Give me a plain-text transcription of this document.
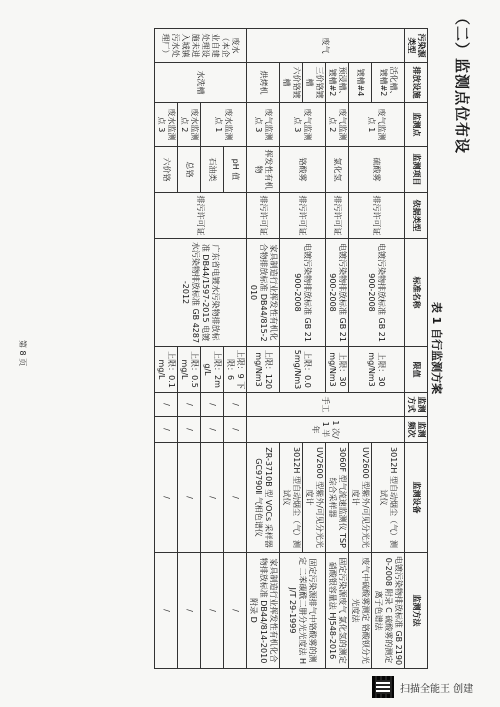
（二）监测点位布设
表 1 自行监测方案
污染源类型	排放设施	监测点	监测项目	依据类型	标准名称	限值	监测方式	监测频次	监测设备	监测方法
废气	活化槽、镀槽#2	废气监测点 1	硫酸雾	排污许可证	电镀污染物排放标准 GB 21900-2008	上限：30mg/Nm3	手工	1 次/1 半年	3012H 型自动烟尘（气）测试仪	电镀污染物排放标准 GB 21900-2008 附录 C 硫酸雾的测定 离子色谱法
	镀槽#4								UV2600 型紫外/可见分光光度计	废气中硫酸雾测定 铬酸钡分光光度法
	预浸槽、镀槽#2	废气监测点 2	氯化氢	排污许可证	电镀污染物排放标准 GB 21900-2008	上限：30mg/Nm3			3060F 型气流速监测仪 TSP 综合采样器	固定污染源废气 氯化氢的测定 硝酸银容量法 HJ548-2016
	三价铬镀槽	废气监测点 3	铬酸雾	排污许可证	电镀污染物排放标准 GB 21900-2008	上限：0.05mg/Nm3			UV2600 型紫外/可见分光光度计	固定污染源排气中铬酸雾的测定 二苯碳酰二肼分光光度法 HJ/T 29-1999
	六价铬镀槽								3012H 型自动烟尘（气）测试仪	
	烘烤机	废气监测点 3	挥发性有机物	排污许可证	家具制造行业挥发性有机化合物排放标准 DB44/815-2010	上限：120mg/Nm3			ZR-3710B 型 VOCs 采样器 GC9790Ⅱ 气相色谱仪	家具制造行业挥发性有机化合物排放标准 DB44/814-2010 附录 D
废水（本企业自建处理设施未进入城镇污水处理厂）	水洗槽	废水监测点 1	pH 值	排污许可证	广东省电镀水污染物排放标准 DB44/1597-2015 电镀水污染物排放标准 GB 4287-2012	上限：9 下限：6	/	/	/	/
			石油类			上限：2mg/L	/	/	/	/
		废水监测点 2	总铬			上限：0.5mg/L	/	/	/	/
		废水监测点 3	六价铬			上限：0.1mg/L	/	/	/	/
第 8 页
扫描全能王 创建
